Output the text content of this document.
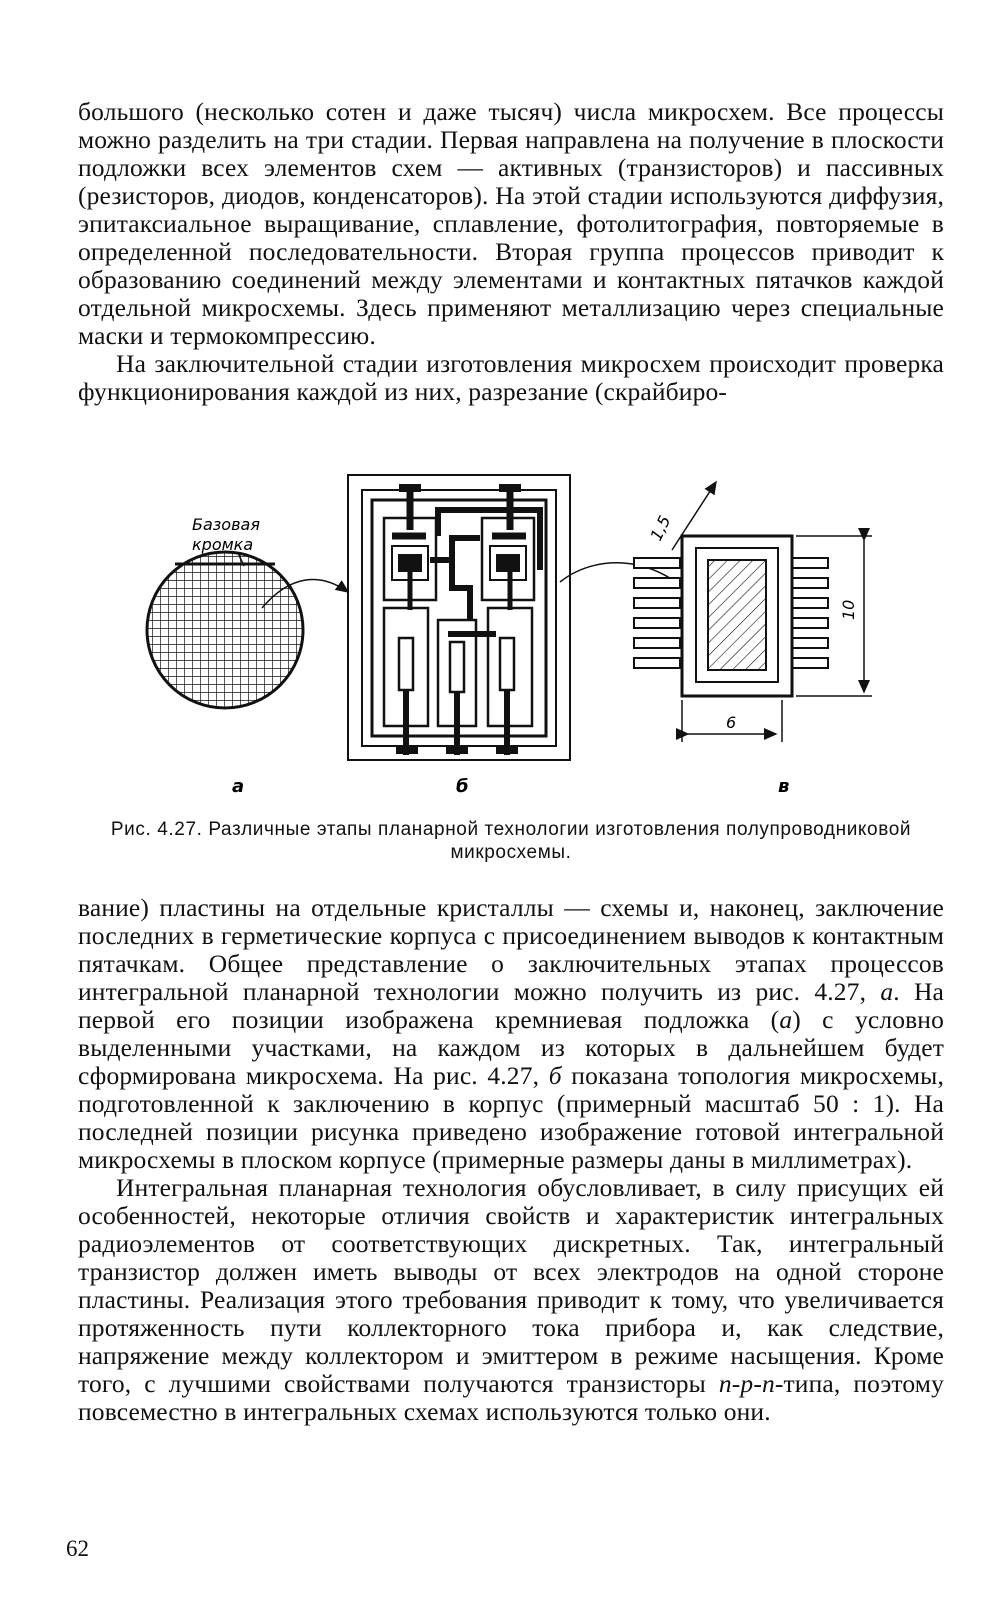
большого (несколько сотен и даже тысяч) числа микросхем. Все процессы можно разделить на три стадии. Первая направлена на получение в плоскости подложки всех элементов схем — активных (транзисторов) и пассивных (резисторов, диодов, конденсаторов). На этой стадии используются диффузия, эпитаксиальное выращивание, сплавление, фотолитография, повторяемые в определенной последовательности. Вторая группа процессов приводит к образованию соединений между элементами и контактных пятачков каждой отдельной микросхемы. Здесь применяют металлизацию через специальные маски и термокомпрессию.

На заключительной стадии изготовления микросхем происходит проверка функционирования каждой из них, разрезание (скрайбиро-

Базовая
кромка
10
6
1,5
а	б	в
Рис. 4.27. Различные этапы планарной технологии изготовления полупроводниковой микросхемы.

вание) пластины на отдельные кристаллы — схемы и, наконец, заключение последних в герметические корпуса с присоединением выводов к контактным пятачкам. Общее представление о заключительных этапах процессов интегральной планарной технологии можно получить из рис. 4.27, а. На первой его позиции изображена кремниевая подложка (а) с условно выделенными участками, на каждом из которых в дальнейшем будет сформирована микросхема. На рис. 4.27, б показана топология микросхемы, подготовленной к заключению в корпус (примерный масштаб 50 : 1). На последней позиции рисунка приведено изображение готовой интегральной микросхемы в плоском корпусе (примерные размеры даны в миллиметрах).

Интегральная планарная технология обусловливает, в силу присущих ей особенностей, некоторые отличия свойств и характеристик интегральных радиоэлементов от соответствующих дискретных. Так, интегральный транзистор должен иметь выводы от всех электродов на одной стороне пластины. Реализация этого требования приводит к тому, что увеличивается протяженность пути коллекторного тока прибора и, как следствие, напряжение между коллектором и эмиттером в режиме насыщения. Кроме того, с лучшими свойствами получаются транзисторы n-p-n-типа, поэтому повсеместно в интегральных схемах используются только они.

62
